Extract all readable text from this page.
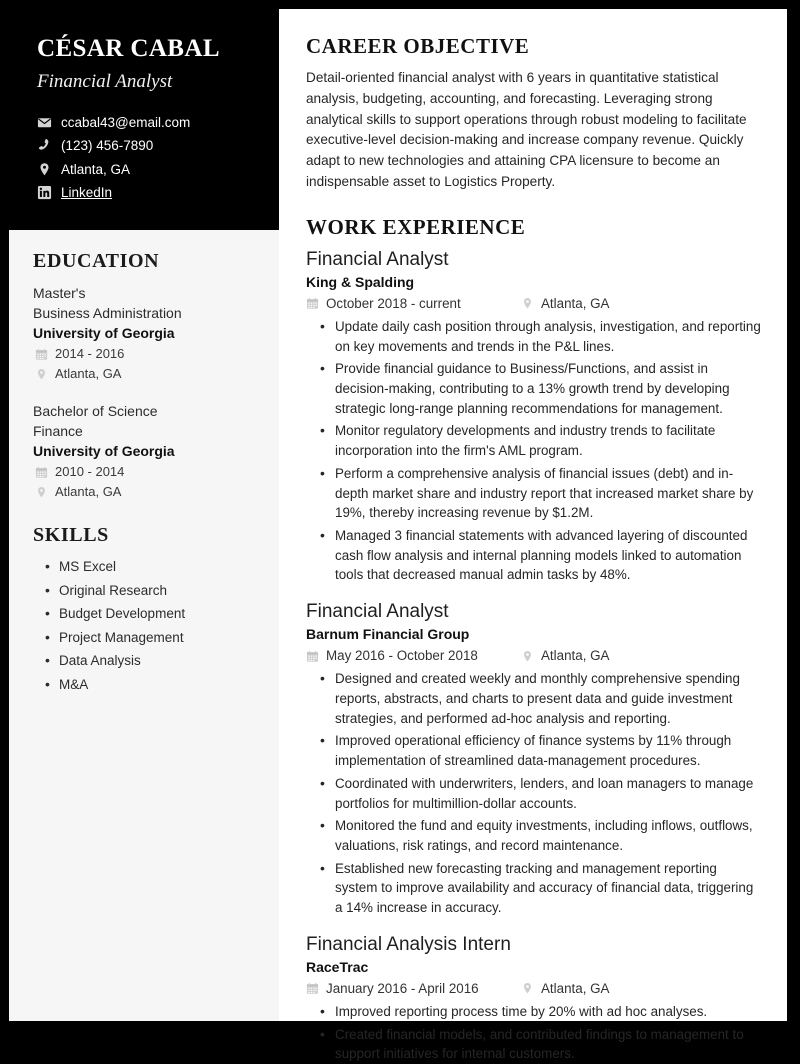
CÉSAR CABAL
Financial Analyst
ccabal43@email.com
(123) 456-7890
Atlanta, GA
LinkedIn
EDUCATION
Master's
Business Administration
University of Georgia
2014 - 2016
Atlanta, GA
Bachelor of Science
Finance
University of Georgia
2010 - 2014
Atlanta, GA
SKILLS
• MS Excel
• Original Research
• Budget Development
• Project Management
• Data Analysis
• M&A
CAREER OBJECTIVE
Detail-oriented financial analyst with 6 years in quantitative statistical analysis, budgeting, accounting, and forecasting. Leveraging strong analytical skills to support operations through robust modeling to facilitate executive-level decision-making and increase company revenue. Quickly adapt to new technologies and attaining CPA licensure to become an indispensable asset to Logistics Property.
WORK EXPERIENCE
Financial Analyst
King & Spalding
October 2018 - current	Atlanta, GA
• Update daily cash position through analysis, investigation, and reporting on key movements and trends in the P&L lines.
• Provide financial guidance to Business/Functions, and assist in decision-making, contributing to a 13% growth trend by developing strategic long-range planning recommendations for management.
• Monitor regulatory developments and industry trends to facilitate incorporation into the firm's AML program.
• Perform a comprehensive analysis of financial issues (debt) and in-depth market share and industry report that increased market share by 19%, thereby increasing revenue by $1.2M.
• Managed 3 financial statements with advanced layering of discounted cash flow analysis and internal planning models linked to automation tools that decreased manual admin tasks by 48%.
Financial Analyst
Barnum Financial Group
May 2016 - October 2018	Atlanta, GA
• Designed and created weekly and monthly comprehensive spending reports, abstracts, and charts to present data and guide investment strategies, and performed ad-hoc analysis and reporting.
• Improved operational efficiency of finance systems by 11% through implementation of streamlined data-management procedures.
• Coordinated with underwriters, lenders, and loan managers to manage portfolios for multimillion-dollar accounts.
• Monitored the fund and equity investments, including inflows, outflows, valuations, risk ratings, and record maintenance.
• Established new forecasting tracking and management reporting system to improve availability and accuracy of financial data, triggering a 14% increase in accuracy.
Financial Analysis Intern
RaceTrac
January 2016 - April 2016	Atlanta, GA
• Improved reporting process time by 20% with ad hoc analyses.
• Created financial models, and contributed findings to management to support initiatives for internal customers.
